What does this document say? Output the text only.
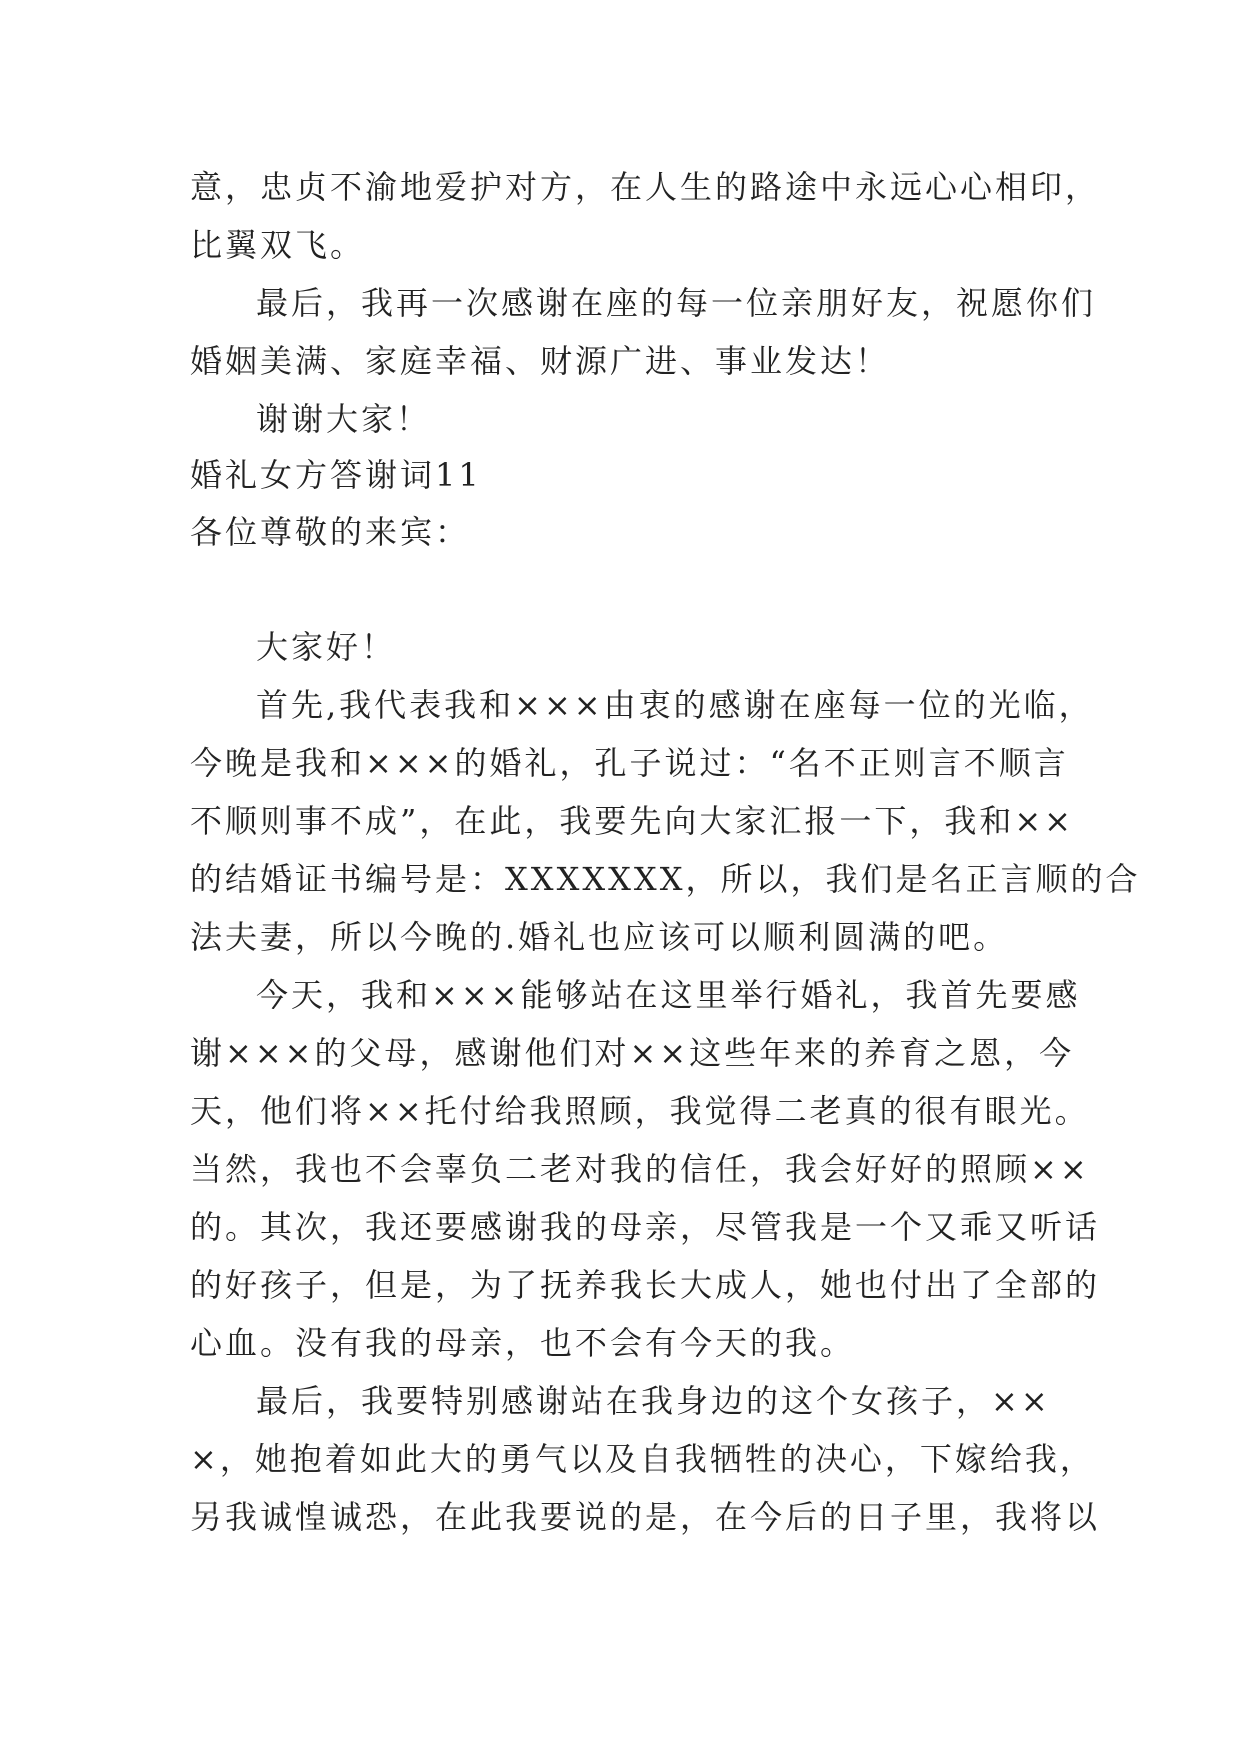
意，忠贞不渝地爱护对方，在人生的路途中永远心心相印，
比翼双飞。
最后，我再一次感谢在座的每一位亲朋好友，祝愿你们
婚姻美满、家庭幸福、财源广进、事业发达！
谢谢大家！
婚礼女方答谢词11
各位尊敬的来宾：
大家好！
首先,我代表我和×××由衷的感谢在座每一位的光临，
今晚是我和×××的婚礼，孔子说过：“名不正则言不顺言
不顺则事不成”，在此，我要先向大家汇报一下，我和××
的结婚证书编号是：XXXXXXX，所以，我们是名正言顺的合
法夫妻，所以今晚的.婚礼也应该可以顺利圆满的吧。
今天，我和×××能够站在这里举行婚礼，我首先要感
谢×××的父母，感谢他们对××这些年来的养育之恩，今
天，他们将××托付给我照顾，我觉得二老真的很有眼光。
当然，我也不会辜负二老对我的信任，我会好好的照顾××
的。其次，我还要感谢我的母亲，尽管我是一个又乖又听话
的好孩子，但是，为了抚养我长大成人，她也付出了全部的
心血。没有我的母亲，也不会有今天的我。
最后，我要特别感谢站在我身边的这个女孩子，××
×，她抱着如此大的勇气以及自我牺牲的决心，下嫁给我，
另我诚惶诚恐，在此我要说的是，在今后的日子里，我将以
